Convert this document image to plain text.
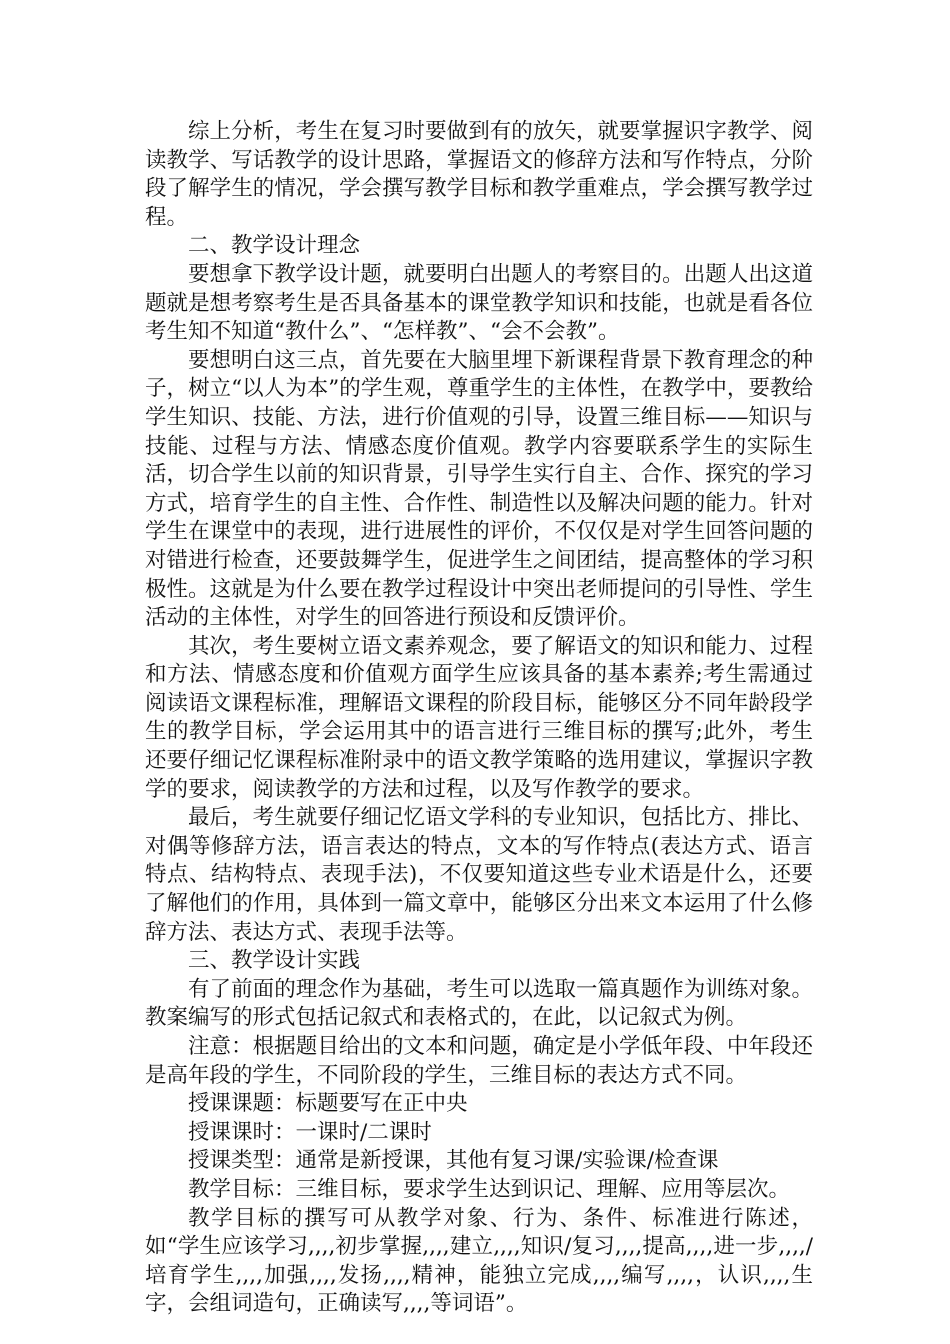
综上分析，考生在复习时要做到有的放矢，就要掌握识字教学、阅读教学、写话教学的设计思路，掌握语文的修辞方法和写作特点，分阶段了解学生的情况，学会撰写教学目标和教学重难点，学会撰写教学过程。

二、教学设计理念

要想拿下教学设计题，就要明白出题人的考察目的。出题人出这道题就是想考察考生是否具备基本的课堂教学知识和技能，也就是看各位考生知不知道“教什么”、“怎样教”、“会不会教”。

要想明白这三点，首先要在大脑里埋下新课程背景下教育理念的种子，树立“以人为本”的学生观，尊重学生的主体性，在教学中，要教给学生知识、技能、方法，进行价值观的引导，设置三维目标——知识与技能、过程与方法、情感态度价值观。教学内容要联系学生的实际生活，切合学生以前的知识背景，引导学生实行自主、合作、探究的学习方式，培育学生的自主性、合作性、制造性以及解决问题的能力。针对学生在课堂中的表现，进行进展性的评价，不仅仅是对学生回答问题的对错进行检查，还要鼓舞学生，促进学生之间团结，提高整体的学习积极性。这就是为什么要在教学过程设计中突出老师提问的引导性、学生活动的主体性，对学生的回答进行预设和反馈评价。

其次，考生要树立语文素养观念，要了解语文的知识和能力、过程和方法、情感态度和价值观方面学生应该具备的基本素养;考生需通过阅读语文课程标准，理解语文课程的阶段目标，能够区分不同年龄段学生的教学目标，学会运用其中的语言进行三维目标的撰写;此外，考生还要仔细记忆课程标准附录中的语文教学策略的选用建议，掌握识字教学的要求，阅读教学的方法和过程，以及写作教学的要求。

最后，考生就要仔细记忆语文学科的专业知识，包括比方、排比、对偶等修辞方法，语言表达的特点，文本的写作特点(表达方式、语言特点、结构特点、表现手法)，不仅要知道这些专业术语是什么，还要了解他们的作用，具体到一篇文章中，能够区分出来文本运用了什么修辞方法、表达方式、表现手法等。

三、教学设计实践

有了前面的理念作为基础，考生可以选取一篇真题作为训练对象。教案编写的形式包括记叙式和表格式的，在此，以记叙式为例。

注意：根据题目给出的文本和问题，确定是小学低年段、中年段还是高年段的学生，不同阶段的学生，三维目标的表达方式不同。

授课课题：标题要写在正中央

授课课时：一课时/二课时

授课类型：通常是新授课，其他有复习课/实验课/检查课

教学目标：三维目标，要求学生达到识记、理解、应用等层次。

教学目标的撰写可从教学对象、行为、条件、标准进行陈述，如“学生应该学习,,,,初步掌握,,,,建立,,,,知识/复习,,,,提高,,,,进一步,,,,/培育学生,,,,加强,,,,发扬,,,,精神，能独立完成,,,,编写,,,,，认识,,,,生字，会组词造句，正确读写,,,,等词语”。
